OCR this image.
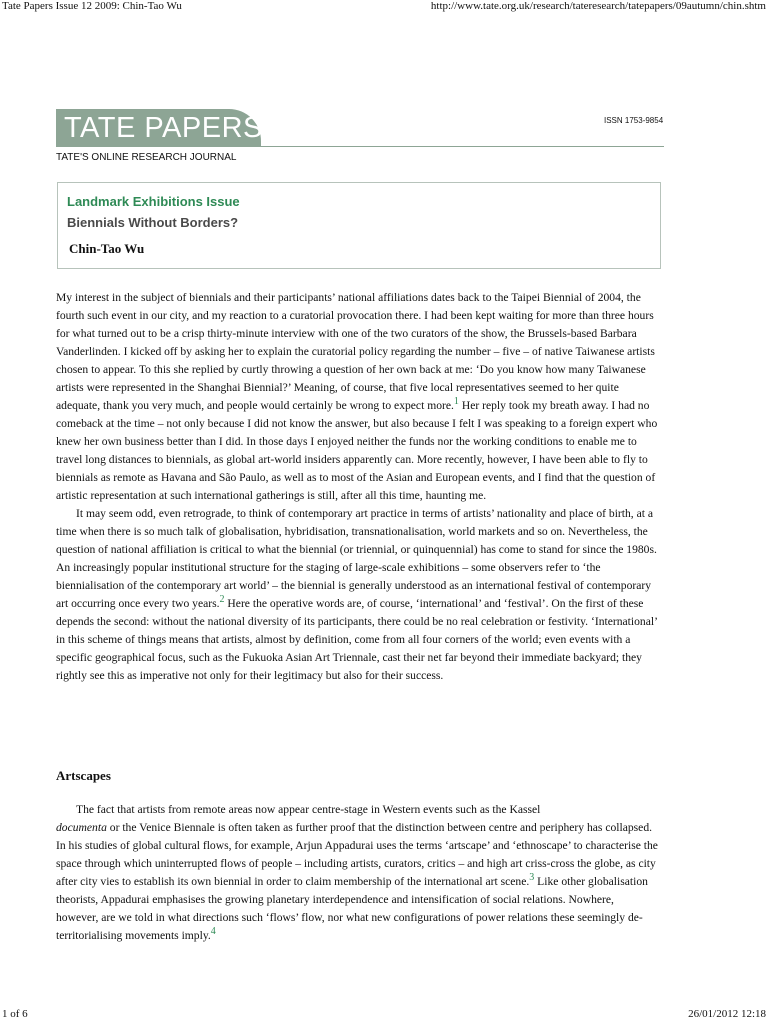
Tate Papers Issue 12 2009: Chin-Tao Wu	http://www.tate.org.uk/research/tateresearch/tatepapers/09autumn/chin.shtm
TATE PAPERS	ISSN 1753-9854
TATE'S ONLINE RESEARCH JOURNAL
Landmark Exhibitions Issue
Biennials Without Borders?
Chin-Tao Wu

My interest in the subject of biennials and their participants’ national affiliations dates back to the Taipei Biennial of 2004, the fourth such event in our city, and my reaction to a curatorial provocation there. I had been kept waiting for more than three hours for what turned out to be a crisp thirty-minute interview with one of the two curators of the show, the Brussels-based Barbara Vanderlinden. I kicked off by asking her to explain the curatorial policy regarding the number – five – of native Taiwanese artists chosen to appear. To this she replied by curtly throwing a question of her own back at me: ‘Do you know how many Taiwanese artists were represented in the Shanghai Biennial?’ Meaning, of course, that five local representatives seemed to her quite adequate, thank you very much, and people would certainly be wrong to expect more.1 Her reply took my breath away. I had no comeback at the time – not only because I did not know the answer, but also because I felt I was speaking to a foreign expert who knew her own business better than I did. In those days I enjoyed neither the funds nor the working conditions to enable me to travel long distances to biennials, as global art-world insiders apparently can. More recently, however, I have been able to fly to biennials as remote as Havana and São Paulo, as well as to most of the Asian and European events, and I find that the question of artistic representation at such international gatherings is still, after all this time, haunting me.

It may seem odd, even retrograde, to think of contemporary art practice in terms of artists’ nationality and place of birth, at a time when there is so much talk of globalisation, hybridisation, transnationalisation, world markets and so on. Nevertheless, the question of national affiliation is critical to what the biennial (or triennial, or quinquennial) has come to stand for since the 1980s. An increasingly popular institutional structure for the staging of large-scale exhibitions – some observers refer to ‘the biennialisation of the contemporary art world’ – the biennial is generally understood as an international festival of contemporary art occurring once every two years.2 Here the operative words are, of course, ‘international’ and ‘festival’. On the first of these depends the second: without the national diversity of its participants, there could be no real celebration or festivity. ‘International’ in this scheme of things means that artists, almost by definition, come from all four corners of the world; even events with a specific geographical focus, such as the Fukuoka Asian Art Triennale, cast their net far beyond their immediate backyard; they rightly see this as imperative not only for their legitimacy but also for their success.

Artscapes

The fact that artists from remote areas now appear centre-stage in Western events such as the Kassel
documenta or the Venice Biennale is often taken as further proof that the distinction between centre and periphery has collapsed. In his studies of global cultural flows, for example, Arjun Appadurai uses the terms ‘artscape’ and ‘ethnoscape’ to characterise the space through which uninterrupted flows of people – including artists, curators, critics – and high art criss-cross the globe, as city after city vies to establish its own biennial in order to claim membership of the international art scene.3 Like other globalisation theorists, Appadurai emphasises the growing planetary interdependence and intensification of social relations. Nowhere, however, are we told in what directions such ‘flows’ flow, nor what new configurations of power relations these seemingly de-territorialising movements imply.4

1 of 6	26/01/2012 12:18
